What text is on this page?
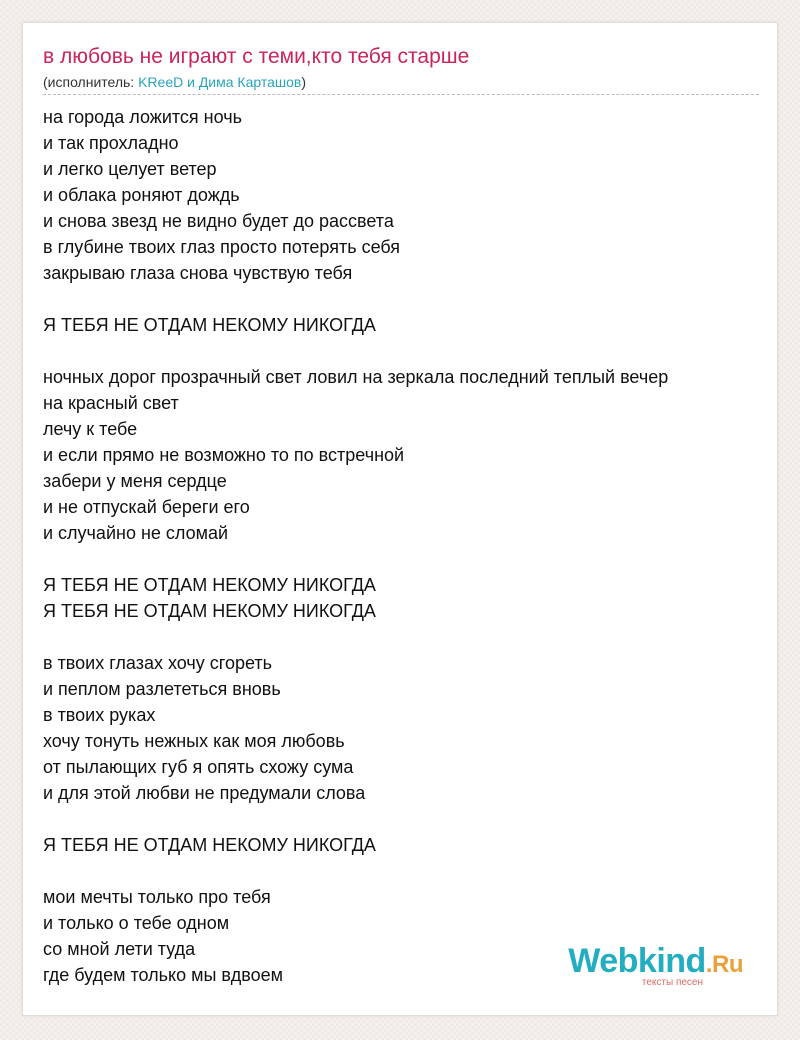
в любовь не играют с теми,кто тебя старше
(исполнитель: KReeD и Дима Карташов)
на города ложится ночь
и так прохладно
и легко целует ветер
и облака роняют дождь
и снова звезд не видно будет до рассвета
в глубине твоих глаз просто потерять себя
закрываю глаза снова чувствую тебя
Я ТЕБЯ НЕ ОТДАМ НЕКОМУ НИКОГДА
ночных дорог прозрачный свет ловил на зеркала последний теплый вечер
на красный свет
лечу к тебе
и если прямо не возможно то по встречной
забери у меня сердце
и не отпускай береги его
и случайно не сломай
Я ТЕБЯ НЕ ОТДАМ НЕКОМУ НИКОГДА
Я ТЕБЯ НЕ ОТДАМ НЕКОМУ НИКОГДА
в твоих глазах хочу сгореть
и пеплом разлететься вновь
в твоих руках
хочу тонуть нежных как моя любовь
от пылающих губ я опять схожу сума
и для этой любви не предумали слова
Я ТЕБЯ НЕ ОТДАМ НЕКОМУ НИКОГДА
мои мечты только про тебя
и только о тебе одном
со мной лети туда
где будем только мы вдвоем	Webkind.Ru
тексты песен
